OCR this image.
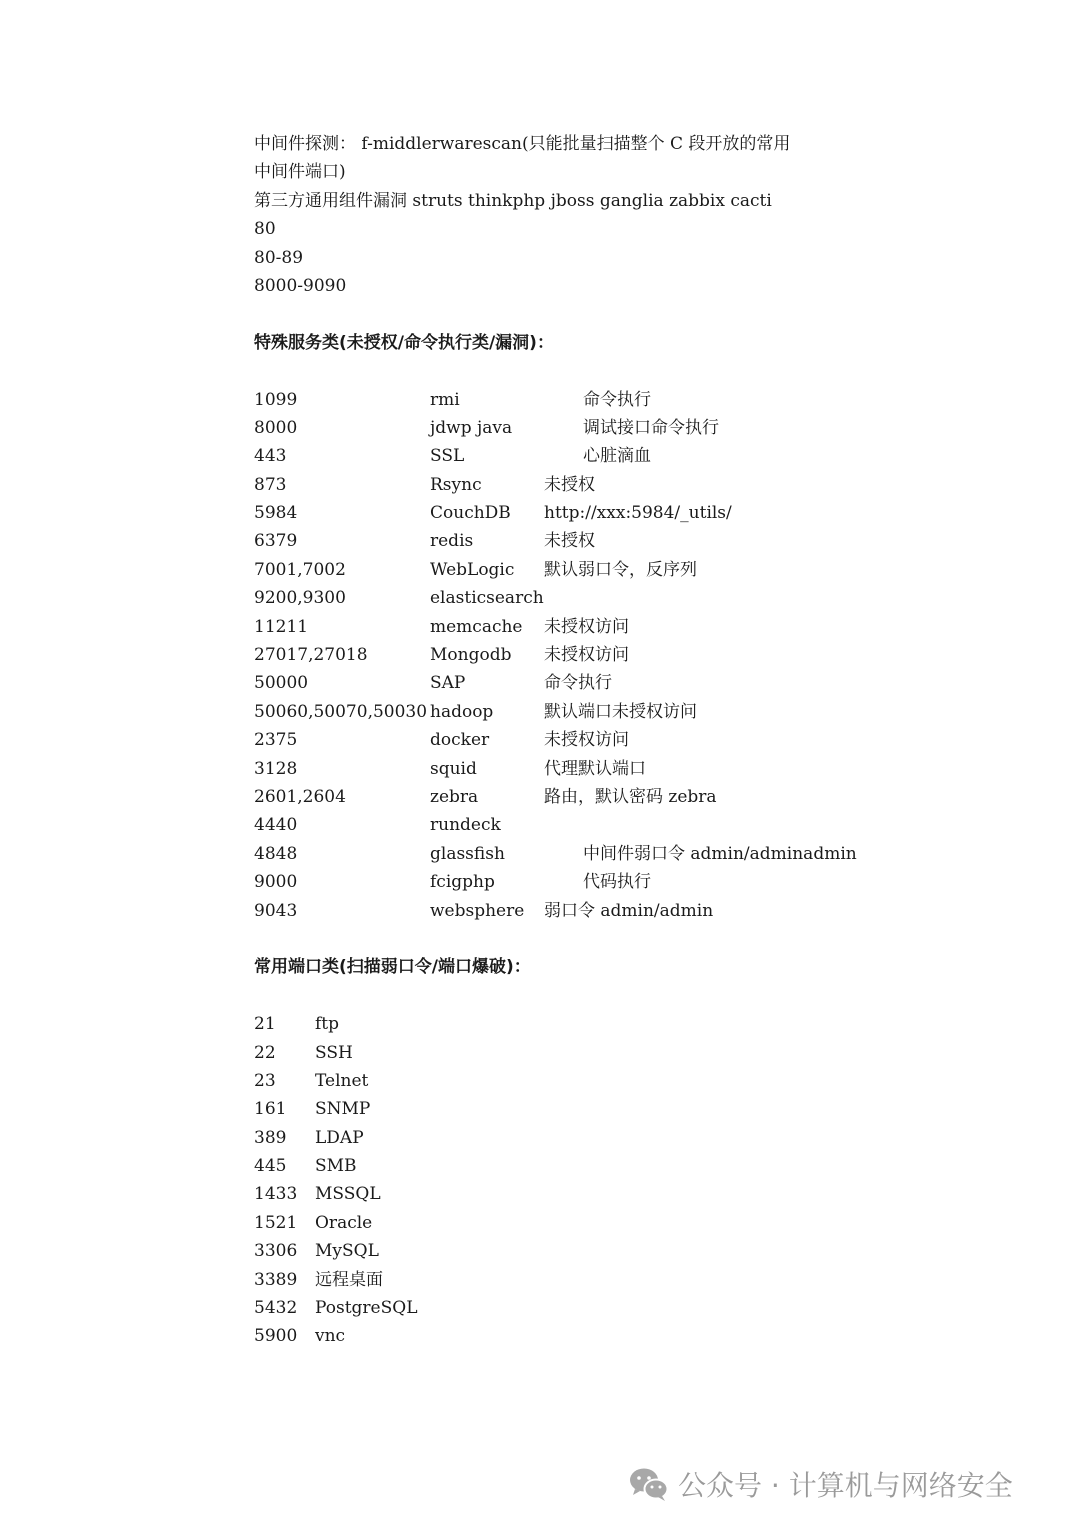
中间件探测： f-middlerwarescan(只能批量扫描整个 C 段开放的常用
中间件端口)
第三方通用组件漏洞 struts thinkphp jboss ganglia zabbix cacti
80
80-89
8000-9090
特殊服务类(未授权/命令执行类/漏洞)：
1099	rmi	命令执行
8000	jdwp java	调试接口命令执行
443	SSL	心脏滴血
873	Rsync	未授权
5984	CouchDB http://xxx:5984/_utils/
6379	redis	未授权
7001,7002	WebLogic 默认弱口令，反序列
9200,9300	elasticsearch
11211	memcache 未授权访问
27017,27018	Mongodb 未授权访问
50000	SAP	命令执行
50060,50070,50030 hadoop	默认端口未授权访问
2375	docker	未授权访问
3128	squid	代理默认端口
2601,2604	zebra	路由，默认密码 zebra
4440	rundeck
4848	glassfish	中间件弱口令 admin/adminadmin
9000	fcigphp	代码执行
9043	websphere 弱口令 admin/admin
常用端口类(扫描弱口令/端口爆破)：
21 ftp
22 SSH
23 Telnet
161 SNMP
389 LDAP
445 SMB
1433 MSSQL
1521 Oracle
3306 MySQL
3389 远程桌面
5432 PostgreSQL
5900 vnc
公众号 · 计算机与网络安全
